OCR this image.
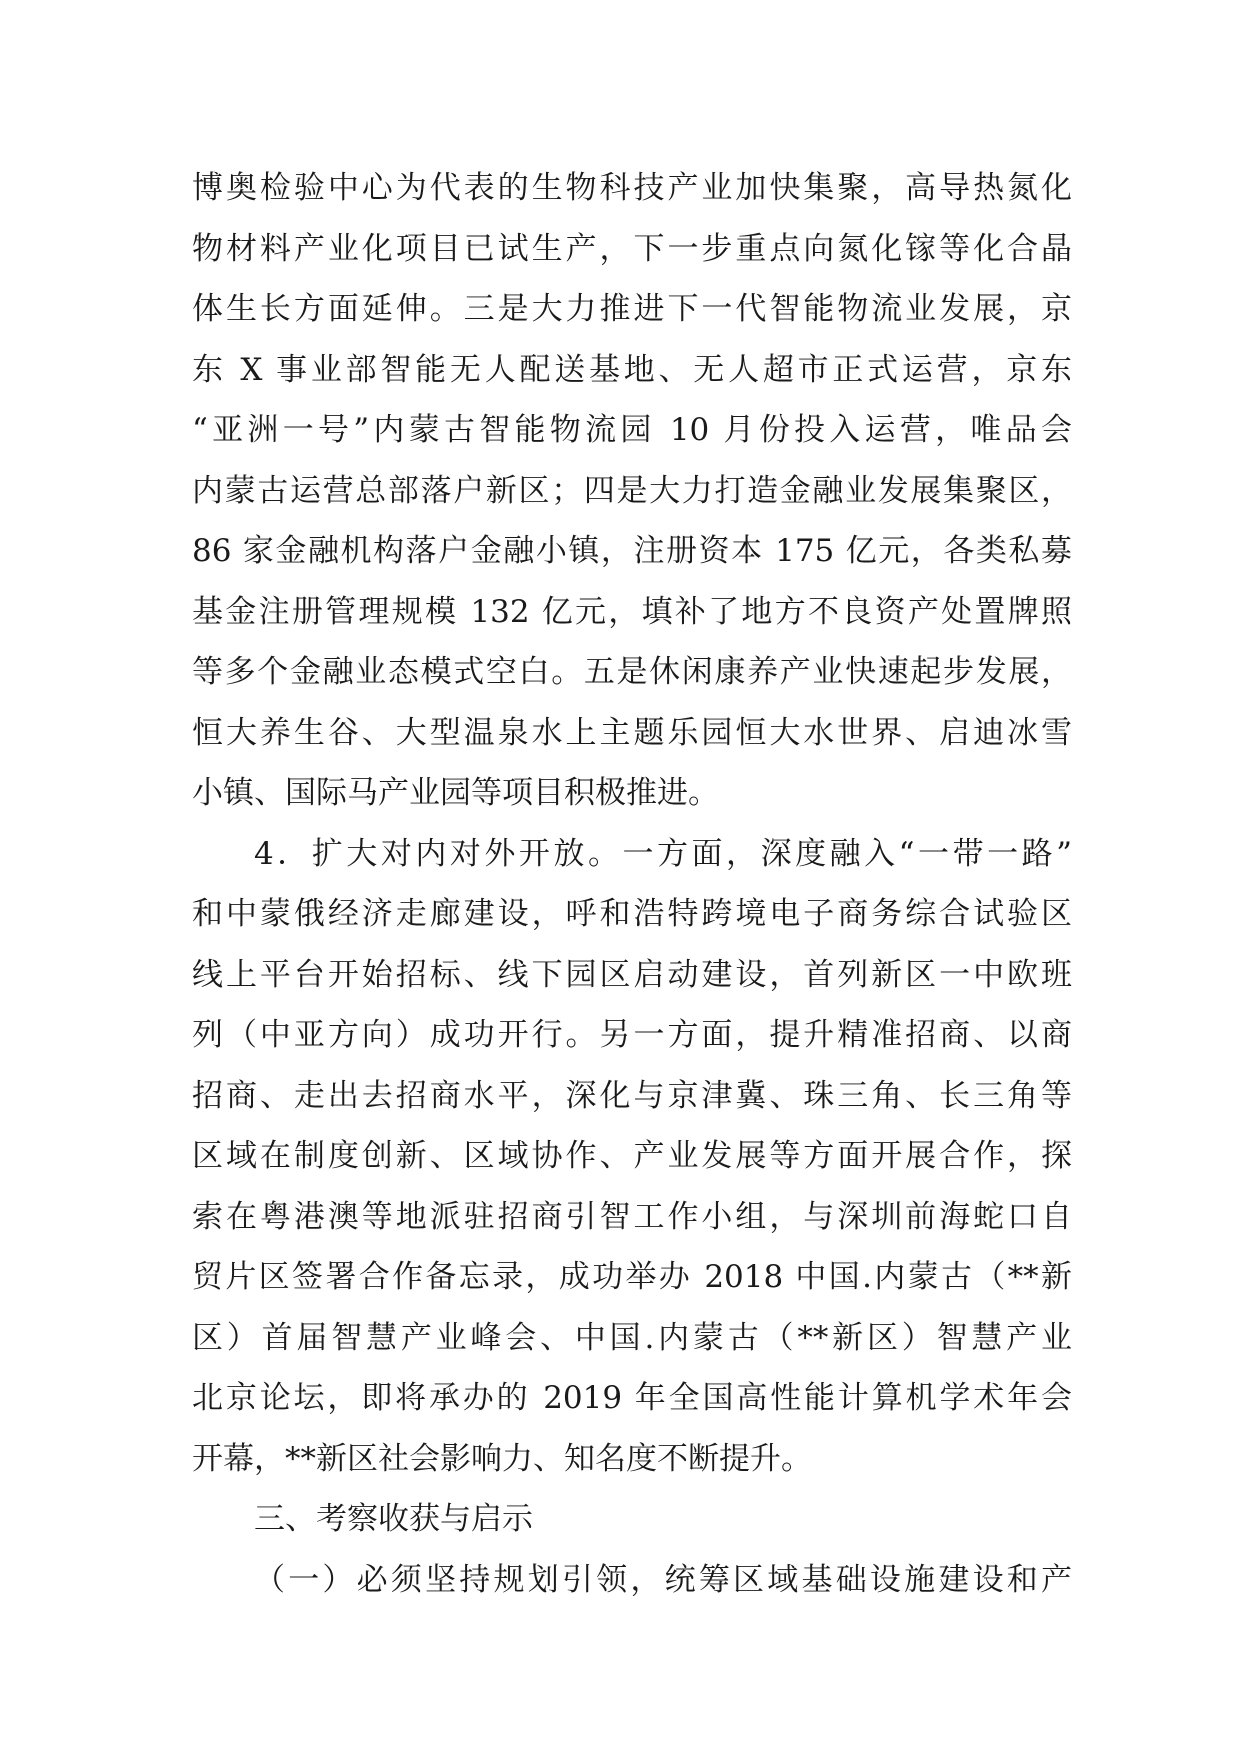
博奥检验中心为代表的生物科技产业加快集聚，高导热氮化
物材料产业化项目已试生产，下一步重点向氮化镓等化合晶
体生长方面延伸。三是大力推进下一代智能物流业发展，京
东 X 事业部智能无人配送基地、无人超市正式运营，京东
“亚洲一号”内蒙古智能物流园 10 月份投入运营，唯品会
内蒙古运营总部落户新区；四是大力打造金融业发展集聚区，
86 家金融机构落户金融小镇，注册资本 175 亿元，各类私募
基金注册管理规模 132 亿元，填补了地方不良资产处置牌照
等多个金融业态模式空白。五是休闲康养产业快速起步发展，
恒大养生谷、大型温泉水上主题乐园恒大水世界、启迪冰雪
小镇、国际马产业园等项目积极推进。
4．扩大对内对外开放。一方面，深度融入“一带一路”
和中蒙俄经济走廊建设，呼和浩特跨境电子商务综合试验区
线上平台开始招标、线下园区启动建设，首列新区一中欧班
列（中亚方向）成功开行。另一方面，提升精准招商、以商
招商、走出去招商水平，深化与京津冀、珠三角、长三角等
区域在制度创新、区域协作、产业发展等方面开展合作，探
索在粤港澳等地派驻招商引智工作小组，与深圳前海蛇口自
贸片区签署合作备忘录，成功举办 2018 中国.内蒙古（**新
区）首届智慧产业峰会、中国.内蒙古（**新区）智慧产业
北京论坛，即将承办的 2019 年全国高性能计算机学术年会
开幕，**新区社会影响力、知名度不断提升。
三、考察收获与启示
（一）必须坚持规划引领，统筹区域基础设施建设和产
